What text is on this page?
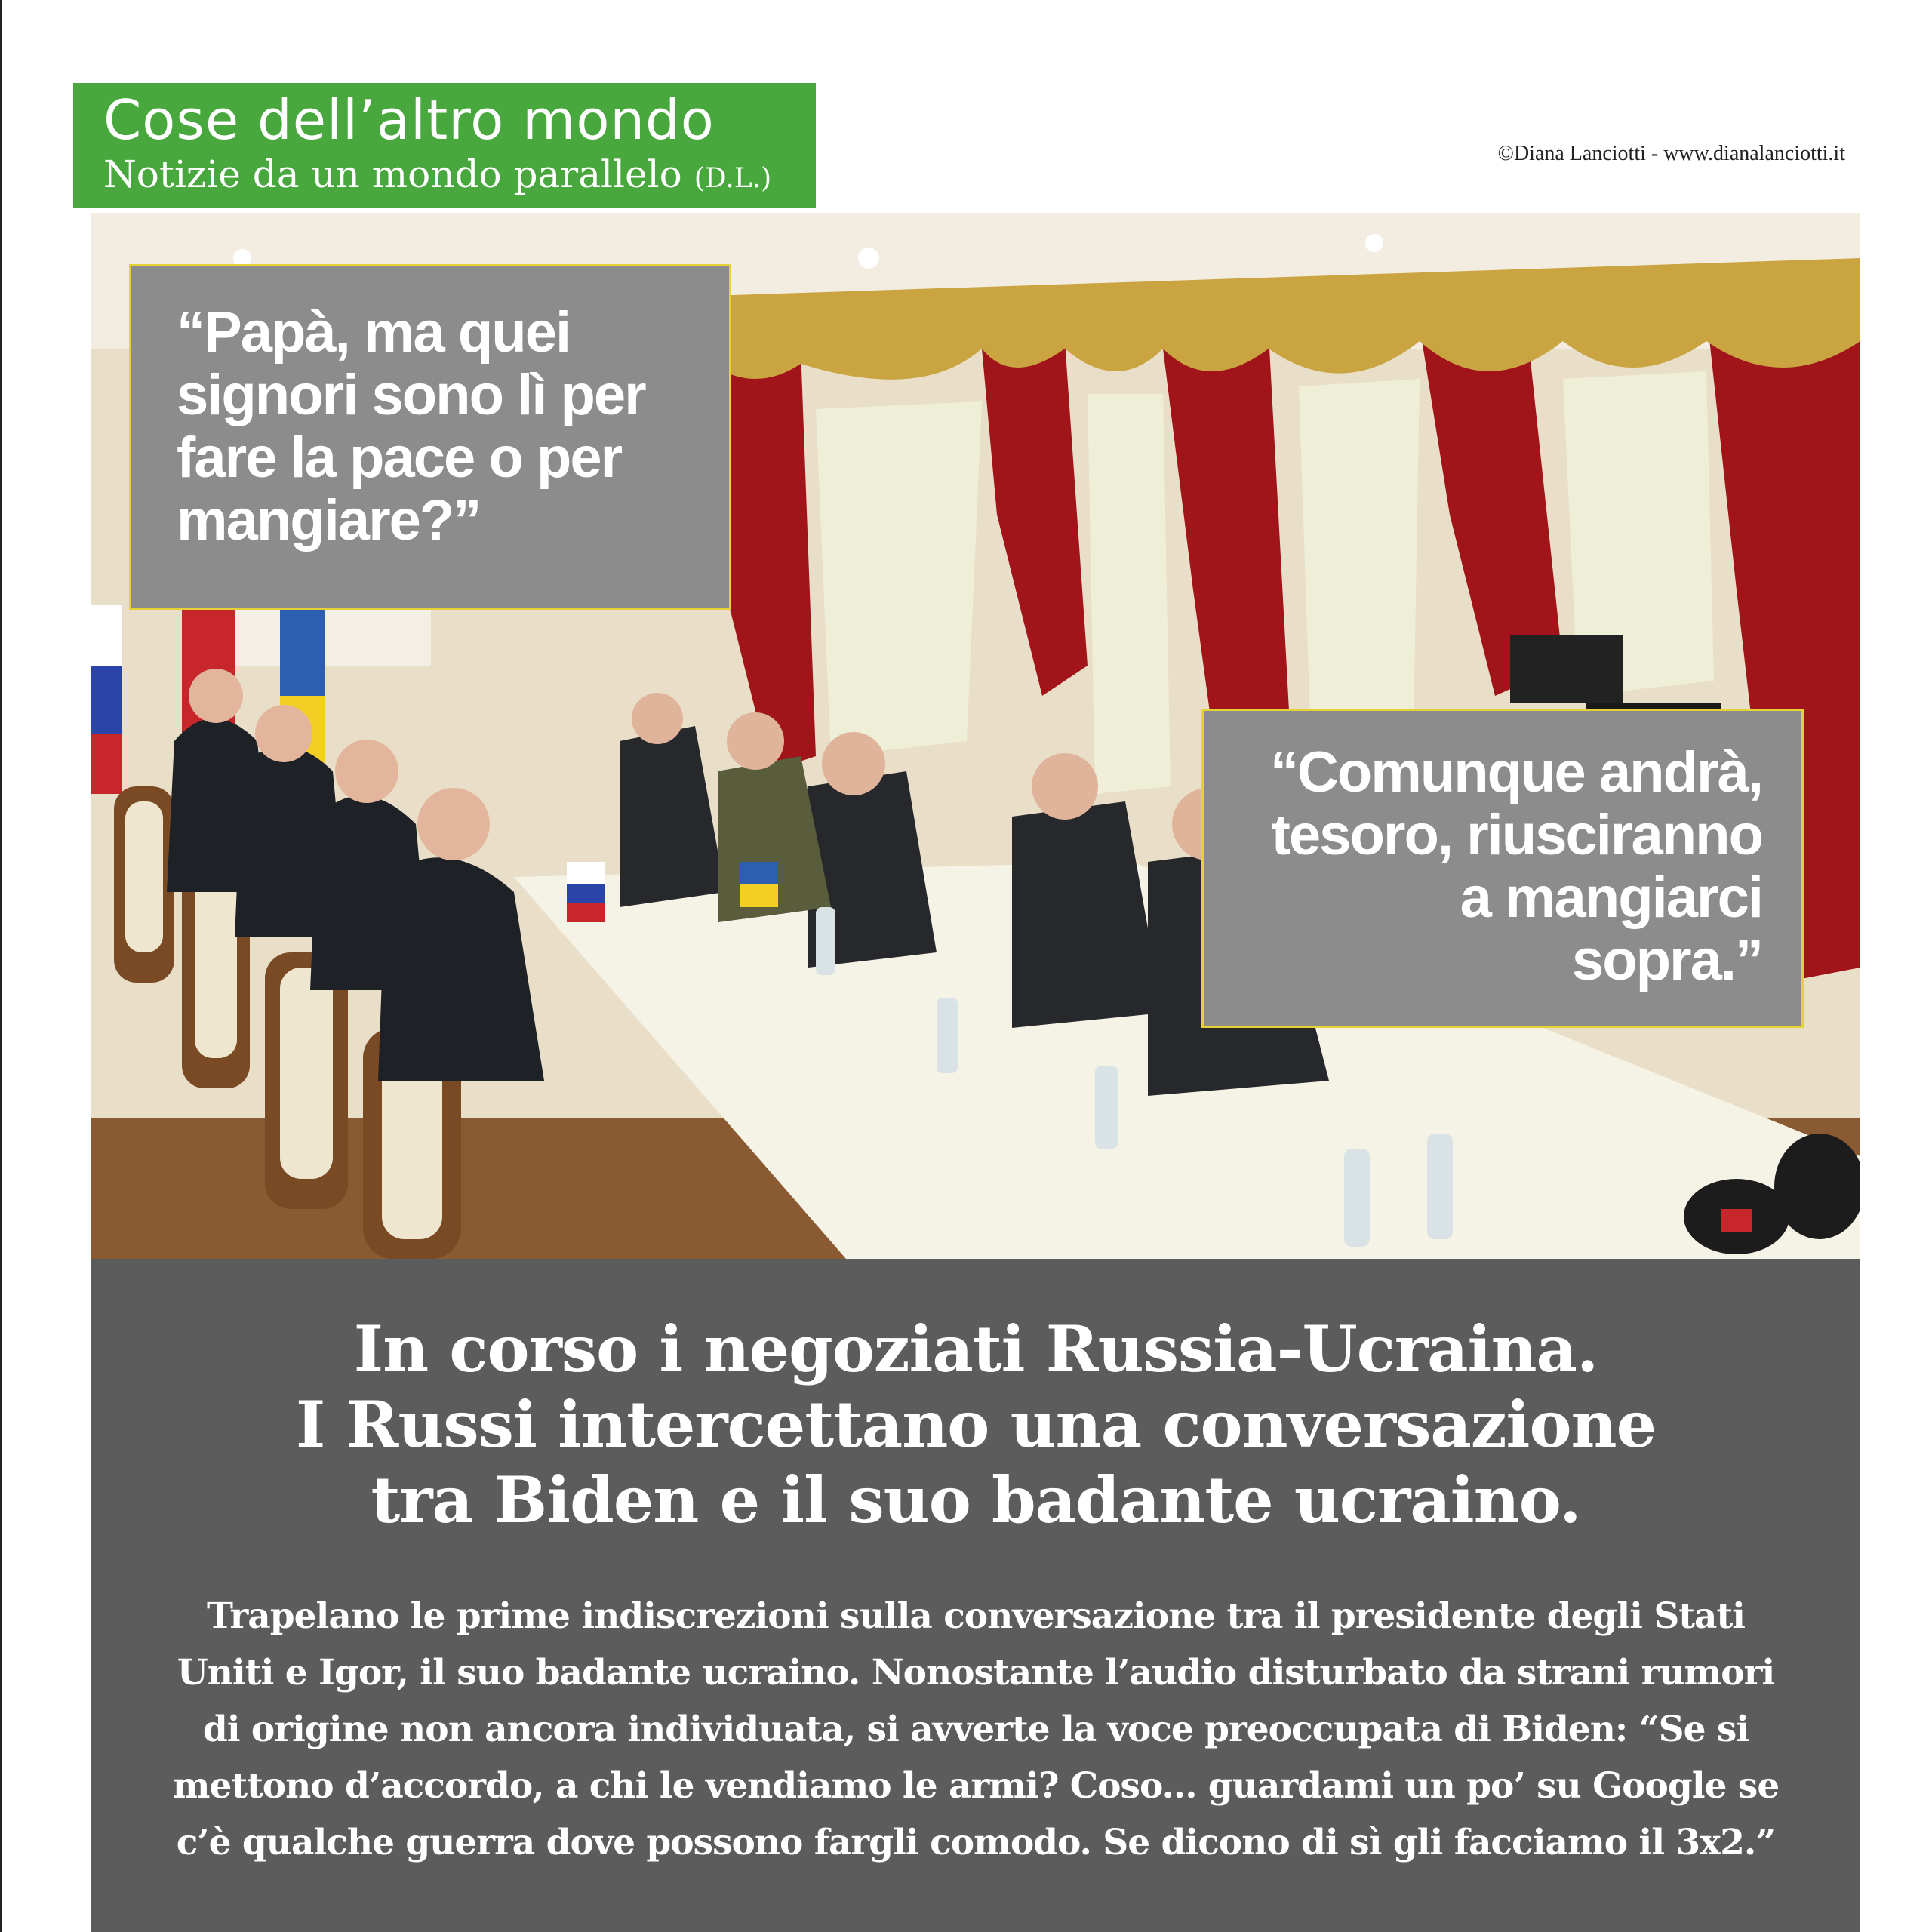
Cose dell’altro mondo
Notizie da un mondo parallelo (D.L.)
©Diana Lanciotti - www.dianalanciotti.it
“Papà, ma quei
signori sono lì per
fare la pace o per
mangiare?”
“Comunque andrà,
tesoro, riusciranno
a mangiarci
sopra.”
In corso i negoziati Russia-Ucraina.
I Russi intercettano una conversazione
tra Biden e il suo badante ucraino.
Trapelano le prime indiscrezioni sulla conversazione tra il presidente degli Stati
Uniti e Igor, il suo badante ucraino. Nonostante l’audio disturbato da strani rumori
di origine non ancora individuata, si avverte la voce preoccupata di Biden: “Se si
mettono d’accordo, a chi le vendiamo le armi? Coso... guardami un po’ su Google se
c’è qualche guerra dove possono fargli comodo. Se dicono di sì gli facciamo il 3x2.”
